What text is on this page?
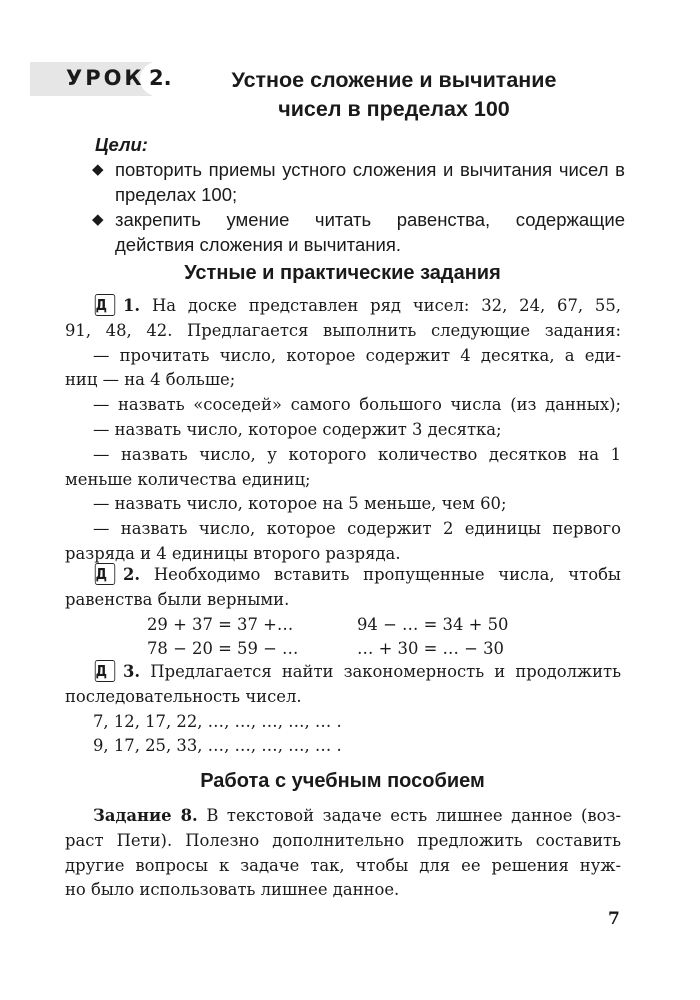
УРОК 2.	Устное сложение и вычитание
чисел в пределах 100
Цели:
◆ повторить приемы устного сложения и вычитания чисел в пределах 100;
◆ закрепить умение читать равенства, содержащие действия сложения и вычитания.
Устные и практические задания
Д 1. На доске представлен ряд чисел: 32, 24, 67, 55,
91, 48, 42. Предлагается выполнить следующие задания:
— прочитать число, которое содержит 4 десятка, а еди-
ниц — на 4 больше;
— назвать «соседей» самого большого числа (из данных);
— назвать число, которое содержит 3 десятка;
— назвать число, у которого количество десятков на 1
меньше количества единиц;
— назвать число, которое на 5 меньше, чем 60;
— назвать число, которое содержит 2 единицы первого
разряда и 4 единицы второго разряда.
Д 2. Необходимо вставить пропущенные числа, чтобы
равенства были верными.
29 + 37 = 37 +…	94 − … = 34 + 50
78 − 20 = 59 − …	… + 30 = … − 30
Д 3. Предлагается найти закономерность и продолжить
последовательность чисел.
7, 12, 17, 22, …, …, …, …, … .
9, 17, 25, 33, …, …, …, …, … .
Работа с учебным пособием
Задание 8. В текстовой задаче есть лишнее данное (воз-
раст Пети). Полезно дополнительно предложить составить
другие вопросы к задаче так, чтобы для ее решения нуж-
но было использовать лишнее данное.
7
